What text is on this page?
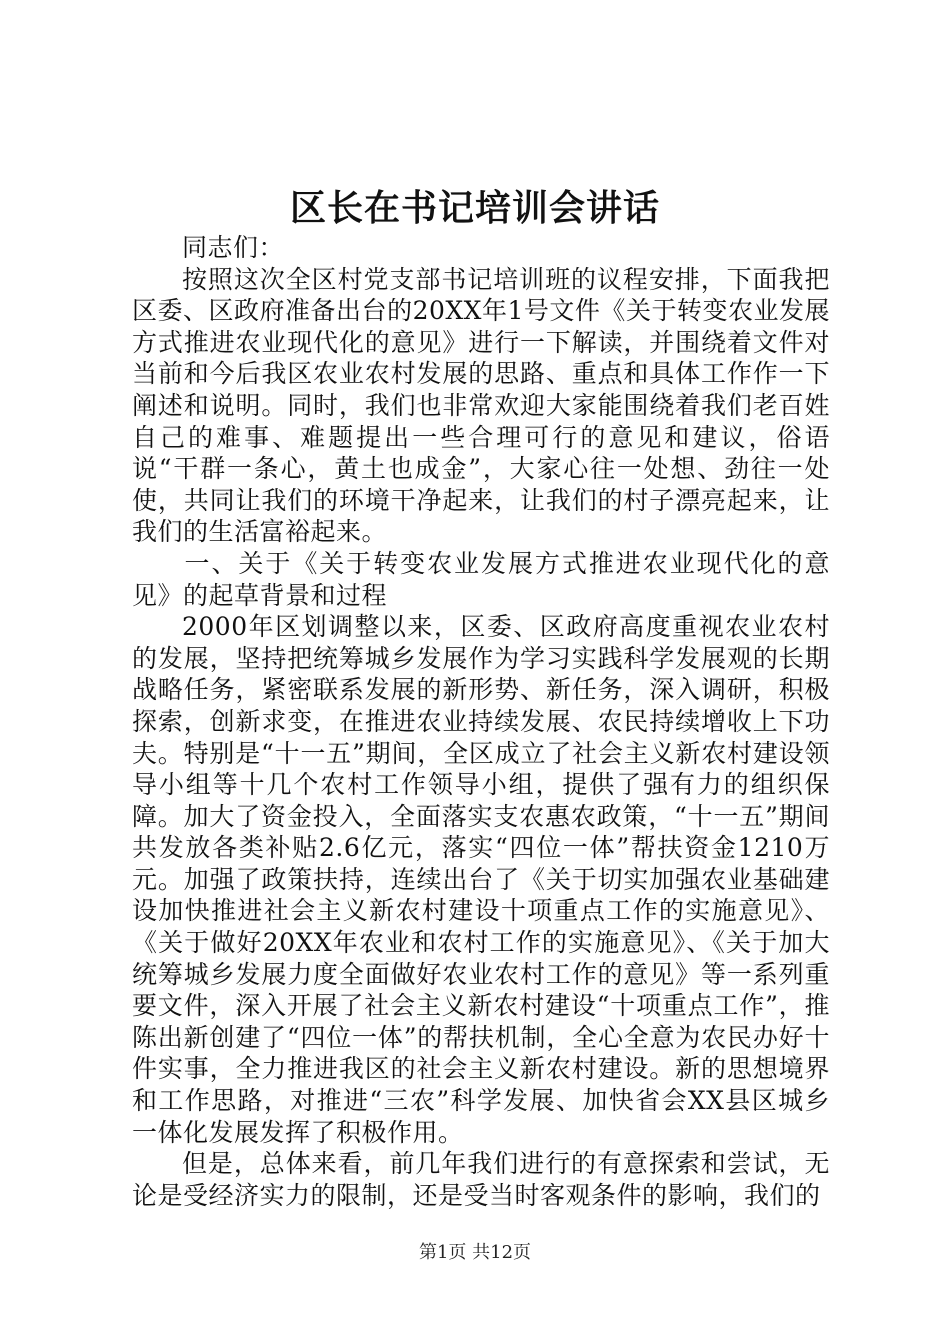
区长在书记培训会讲话

同志们：

按照这次全区村党支部书记培训班的议程安排，下面我把区委、区政府准备出台的20XX年1号文件《关于转变农业发展方式推进农业现代化的意见》进行一下解读，并围绕着文件对当前和今后我区农业农村发展的思路、重点和具体工作作一下阐述和说明。同时，我们也非常欢迎大家能围绕着我们老百姓自己的难事、难题提出一些合理可行的意见和建议，俗语说“干群一条心，黄土也成金”，大家心往一处想、劲往一处使，共同让我们的环境干净起来，让我们的村子漂亮起来，让我们的生活富裕起来。

一、关于《关于转变农业发展方式推进农业现代化的意见》的起草背景和过程

2000年区划调整以来，区委、区政府高度重视农业农村的发展，坚持把统筹城乡发展作为学习实践科学发展观的长期战略任务，紧密联系发展的新形势、新任务，深入调研，积极探索，创新求变，在推进农业持续发展、农民持续增收上下功夫。特别是“十一五”期间，全区成立了社会主义新农村建设领导小组等十几个农村工作领导小组，提供了强有力的组织保障。加大了资金投入，全面落实支农惠农政策，“十一五”期间共发放各类补贴2.6亿元，落实“四位一体”帮扶资金1210万元。加强了政策扶持，连续出台了《关于切实加强农业基础建设加快推进社会主义新农村建设十项重点工作的实施意见》、《关于做好20XX年农业和农村工作的实施意见》、《关于加大统筹城乡发展力度全面做好农业农村工作的意见》等一系列重要文件，深入开展了社会主义新农村建设“十项重点工作”，推陈出新创建了“四位一体”的帮扶机制，全心全意为农民办好十件实事，全力推进我区的社会主义新农村建设。新的思想境界和工作思路，对推进“三农”科学发展、加快省会XX县区城乡一体化发展发挥了积极作用。

但是，总体来看，前几年我们进行的有意探索和尝试，无论是受经济实力的限制，还是受当时客观条件的影响，我们的

第1页 共12页
